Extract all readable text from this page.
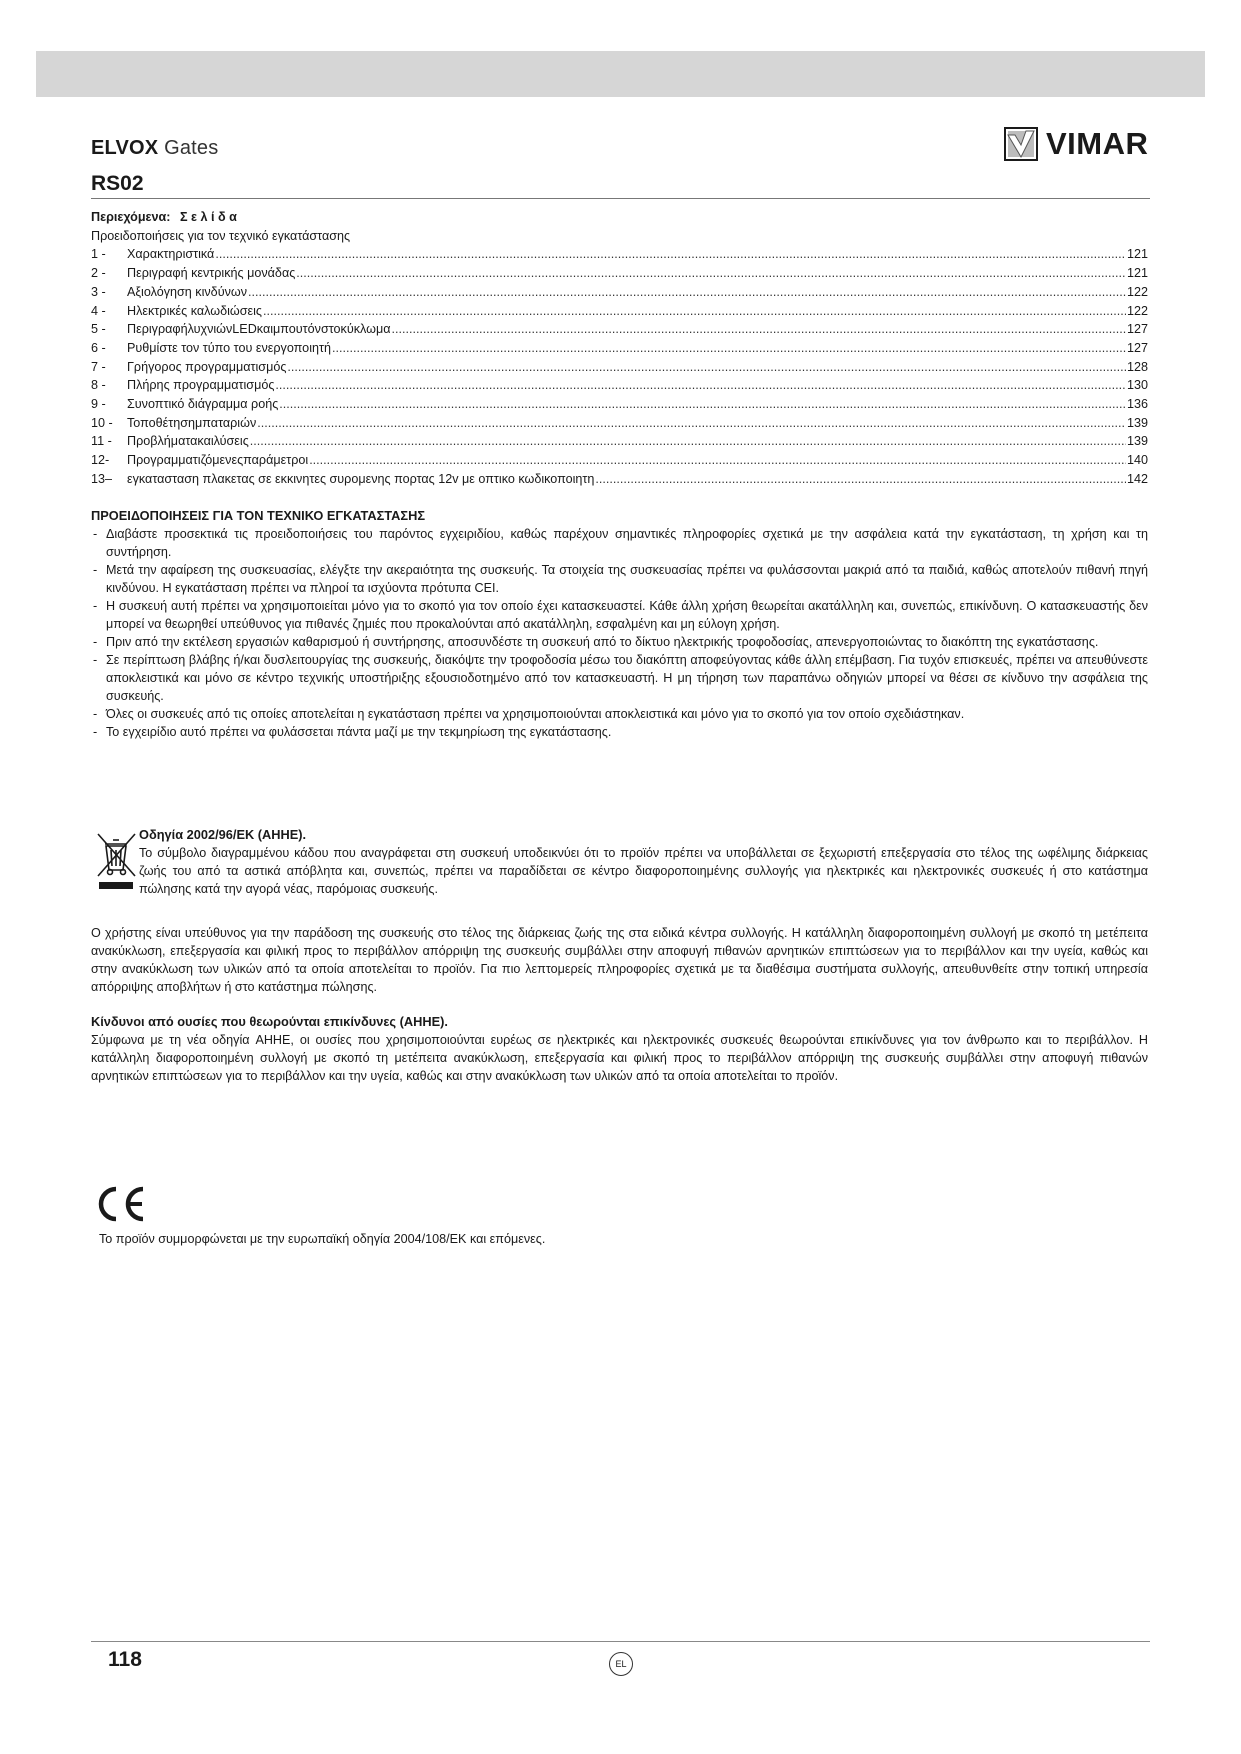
ELVOX Gates
RS02
VIMAR
Περιεχόμενα: Σελίδα
Προειδοποιήσεις για τον τεχνικό εγκατάστασης
1 -	Χαρακτηριστικά .....	121
2 -	Περιγραφή κεντρικής μονάδας .....	121
3 -	Αξιολόγηση κινδύνων .....	122
4 -	Ηλεκτρικές καλωδιώσεις .....	122
5 -	ΠεριγραφήλυχνιώνLEDκαιμπουτόνστοκύκλωμα .....	127
6 -	Ρυθμίστε τον τύπο του ενεργοποιητή .....	127
7 -	Γρήγορος προγραμματισμός .....	128
8 -	Πλήρης προγραμματισμός .....	130
9 -	Συνοπτικό διάγραμμα ροής .....	136
10 -	Τοποθέτησημπαταριών .....	139
11 -	Προβλήματακαιλύσεις .....	139
12-	Προγραμματιζόμενεςπαράμετροι .....	140
13–	εγκατασταση πλακετας σε εκκινητες συρομενης πορτας 12v με οπτικο κωδικοποιητη .....	142
ΠΡΟΕΙΔΟΠΟΙΗΣΕΙΣ ΓΙΑ ΤΟΝ ΤΕΧΝΙΚΟ ΕΓΚΑΤΑΣΤΑΣΗΣ
- Διαβάστε προσεκτικά τις προειδοποιήσεις του παρόντος εγχειριδίου, καθώς παρέχουν σημαντικές πληροφορίες σχετικά με την ασφάλεια κατά την εγκατάσταση, τη χρήση και τη συντήρηση.
- Μετά την αφαίρεση της συσκευασίας, ελέγξτε την ακεραιότητα της συσκευής. Τα στοιχεία της συσκευασίας πρέπει να φυλάσσονται μακριά από τα παιδιά, καθώς αποτελούν πιθανή πηγή κινδύνου. Η εγκατάσταση πρέπει να πληροί τα ισχύοντα πρότυπα CEI.
- Η συσκευή αυτή πρέπει να χρησιμοποιείται μόνο για το σκοπό για τον οποίο έχει κατασκευαστεί. Κάθε άλλη χρήση θεωρείται ακατάλληλη και, συνεπώς, επικίνδυνη. Ο κατασκευαστής δεν μπορεί να θεωρηθεί υπεύθυνος για πιθανές ζημιές που προκαλούνται από ακατάλληλη, εσφαλμένη και μη εύλογη χρήση.
- Πριν από την εκτέλεση εργασιών καθαρισμού ή συντήρησης, αποσυνδέστε τη συσκευή από το δίκτυο ηλεκτρικής τροφοδοσίας, απενεργοποιώντας το διακόπτη της εγκατάστασης.
- Σε περίπτωση βλάβης ή/και δυσλειτουργίας της συσκευής, διακόψτε την τροφοδοσία μέσω του διακόπτη αποφεύγοντας κάθε άλλη επέμβαση. Για τυχόν επισκευές, πρέπει να απευθύνεστε αποκλειστικά και μόνο σε κέντρο τεχνικής υποστήριξης εξουσιοδοτημένο από τον κατασκευαστή. Η μη τήρηση των παραπάνω οδηγιών μπορεί να θέσει σε κίνδυνο την ασφάλεια της συσκευής.
- Όλες οι συσκευές από τις οποίες αποτελείται η εγκατάσταση πρέπει να χρησιμοποιούνται αποκλειστικά και μόνο για το σκοπό για τον οποίο σχεδιάστηκαν.
- Το εγχειρίδιο αυτό πρέπει να φυλάσσεται πάντα μαζί με την τεκμηρίωση της εγκατάστασης.
Οδηγία 2002/96/ΕΚ (AHHE).

Το σύμβολο διαγραμμένου κάδου που αναγράφεται στη συσκευή υποδεικνύει ότι το προϊόν πρέπει να υποβάλλεται σε ξεχωριστή επεξεργασία στο τέλος της ωφέλιμης διάρκειας ζωής του από τα αστικά απόβλητα και, συνεπώς, πρέπει να παραδίδεται σε κέντρο διαφοροποιημένης συλλογής για ηλεκτρικές και ηλεκτρονικές συσκευές ή στο κατάστημα πώλησης κατά την αγορά νέας, παρόμοιας συσκευής.

Ο χρήστης είναι υπεύθυνος για την παράδοση της συσκευής στο τέλος της διάρκειας ζωής της στα ειδικά κέντρα συλλογής. Η κατάλληλη διαφοροποιημένη συλλογή με σκοπό τη μετέπειτα ανακύκλωση, επεξεργασία και φιλική προς το περιβάλλον απόρριψη της συσκευής συμβάλλει στην αποφυγή πιθανών αρνητικών επιπτώσεων για το περιβάλλον και την υγεία, καθώς και στην ανακύκλωση των υλικών από τα οποία αποτελείται το προϊόν. Για πιο λεπτομερείς πληροφορίες σχετικά με τα διαθέσιμα συστήματα συλλογής, απευθυνθείτε στην τοπική υπηρεσία απόρριψης αποβλήτων ή στο κατάστημα πώλησης.

Κίνδυνοι από ουσίες που θεωρούνται επικίνδυνες (AHHE).

Σύμφωνα με τη νέα οδηγία AHHE, οι ουσίες που χρησιμοποιούνται ευρέως σε ηλεκτρικές και ηλεκτρονικές συσκευές θεωρούνται επικίνδυνες για τον άνθρωπο και το περιβάλλον. Η κατάλληλη διαφοροποιημένη συλλογή με σκοπό τη μετέπειτα ανακύκλωση, επεξεργασία και φιλική προς το περιβάλλον απόρριψη της συσκευής συμβάλλει στην αποφυγή πιθανών αρνητικών επιπτώσεων για το περιβάλλον και την υγεία, καθώς και στην ανακύκλωση των υλικών από τα οποία αποτελείται το προϊόν.

Το προϊόν συμμορφώνεται με την ευρωπαϊκή οδηγία 2004/108/ΕΚ και επόμενες.
118	EL
